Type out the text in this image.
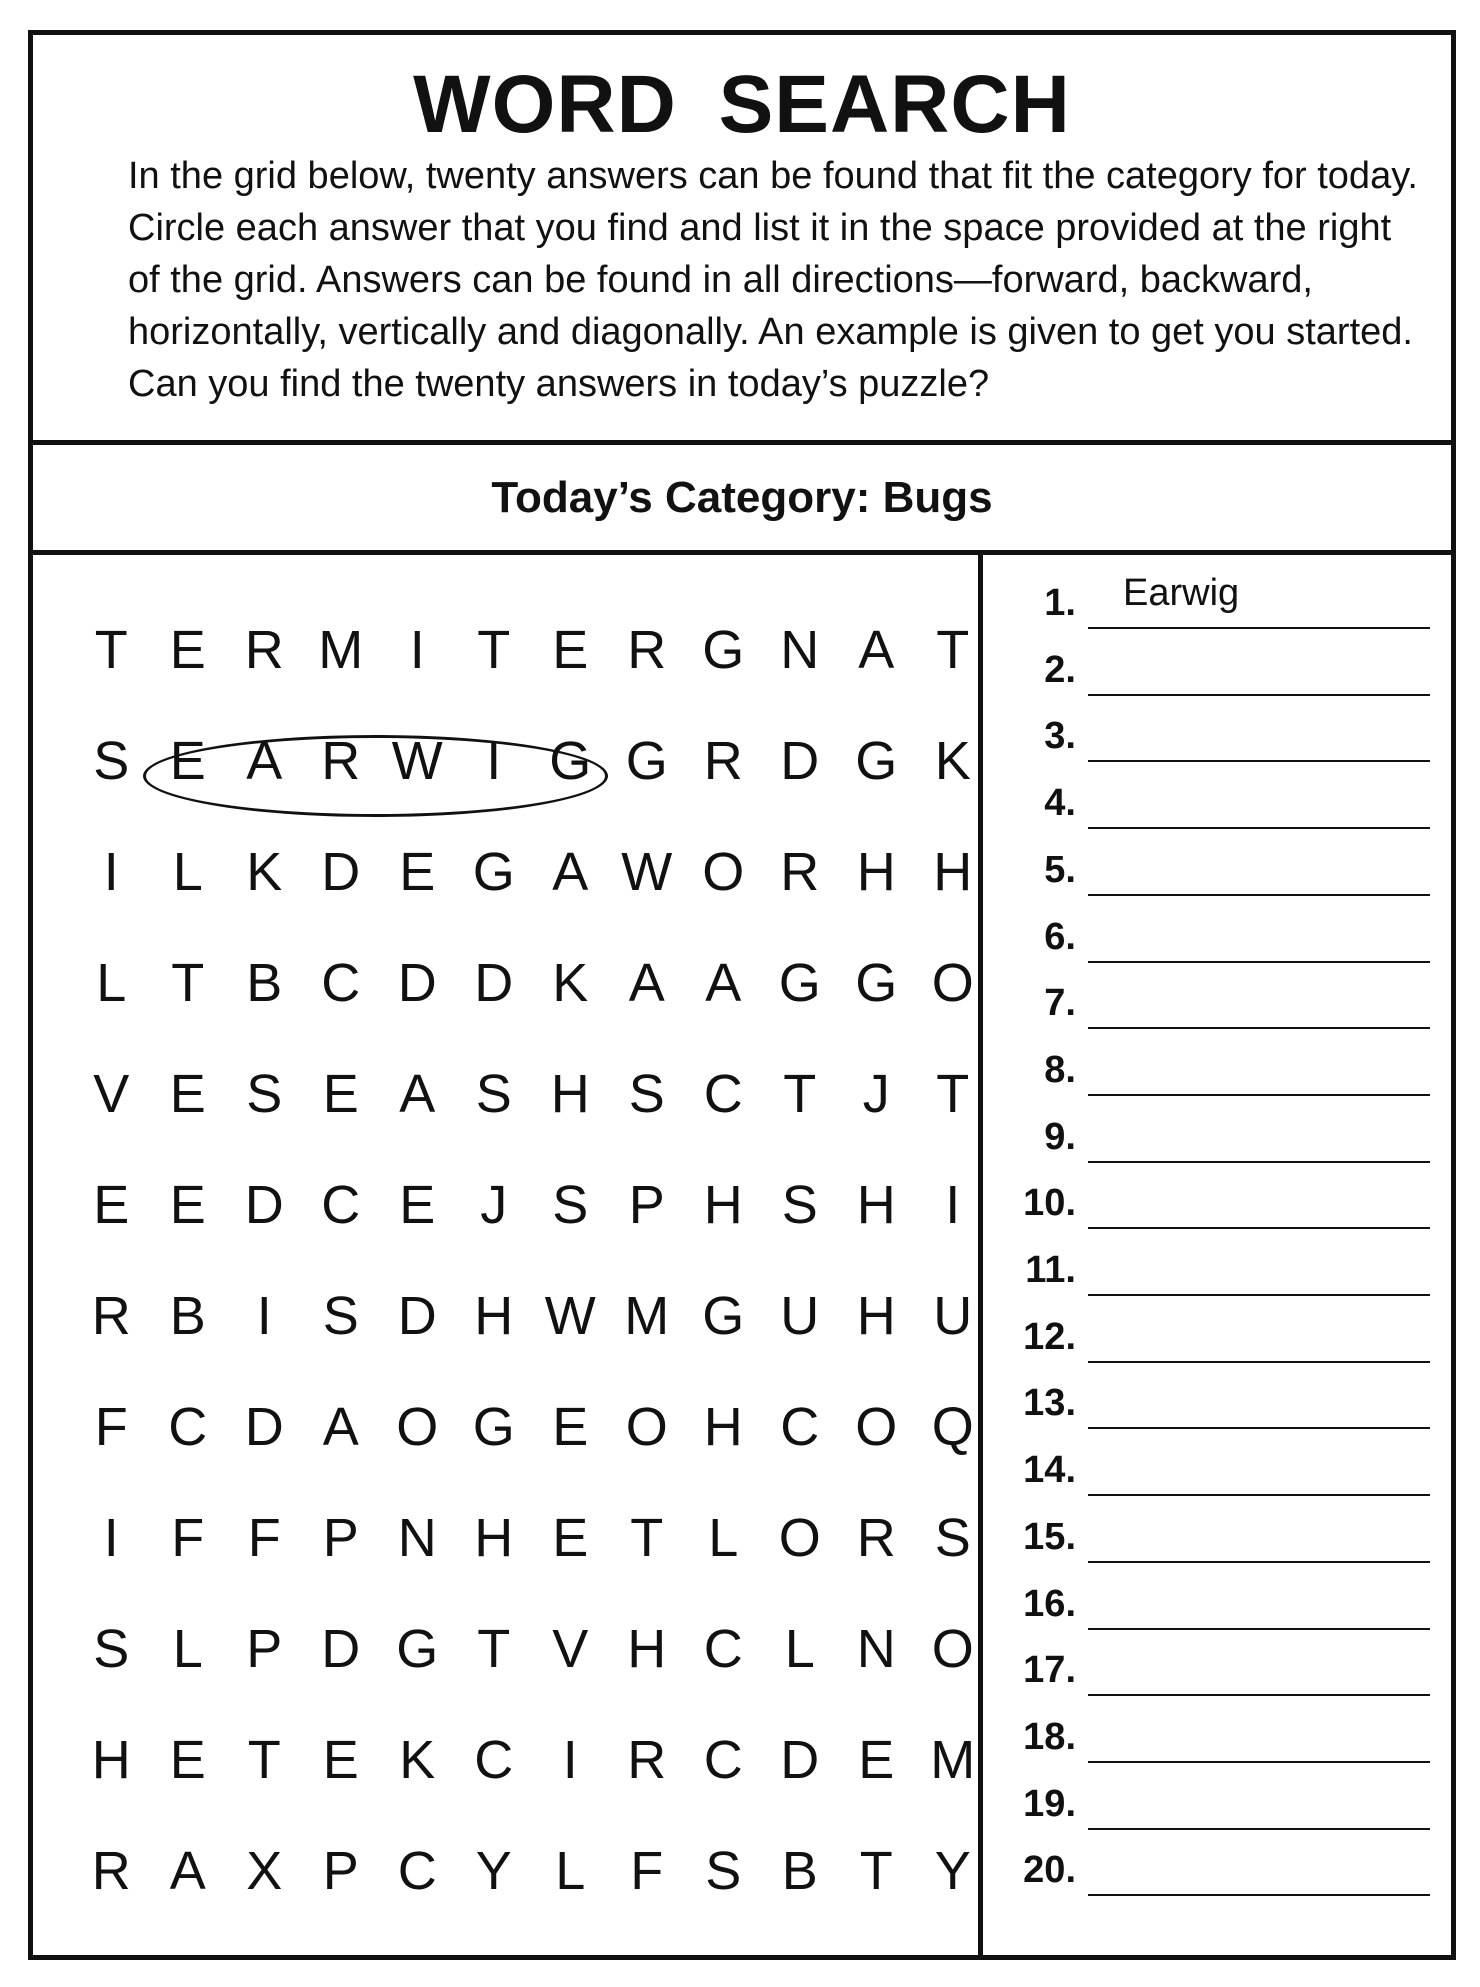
WORD SEARCH

In the grid below, twenty answers can be found that fit the category for today. Circle each answer that you find and list it in the space provided at the right of the grid. Answers can be found in all directions—forward, backward, horizontally, vertically and diagonally. An example is given to get you started. Can you find the twenty answers in today’s puzzle?

Today’s Category: Bugs
T E R M I T E R G N A T
S E A R W I G G R D G K
I L K D E G A W O R H H
L T B C D D K A A G G O
V E S E A S H S C T J T
E E D C E J S P H S H I
R B I S D H W M G U H U
F C D A O G E O H C O Q
I F F P N H E T L O R S
S L P D G T V H C L N O
H E T E K C I R C D E M
R A X P C Y L F S B T Y
1. Earwig
2.
3.
4.
5.
6.
7.
8.
9.
10.
11.
12.
13.
14.
15.
16.
17.
18.
19.
20.
